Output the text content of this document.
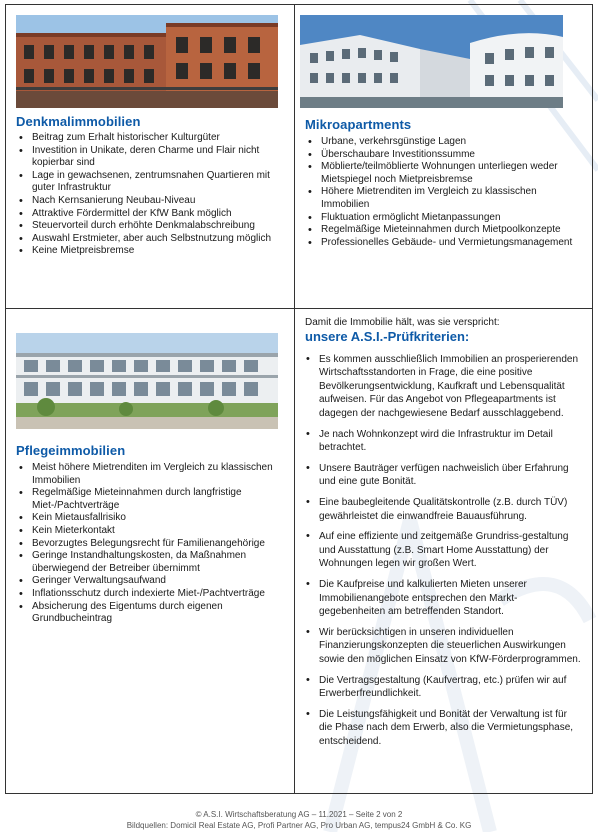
Denkmalimmobilien
• Beitrag zum Erhalt historischer Kulturgüter
• Investition in Unikate, deren Charme und Flair nicht kopierbar sind
• Lage in gewachsenen, zentrumsnahen Quartieren mit guter Infrastruktur
• Nach Kernsanierung Neubau-Niveau
• Attraktive Fördermittel der KfW Bank möglich
• Steuervorteil durch erhöhte Denkmalabschreibung
• Auswahl Erstmieter, aber auch Selbstnutzung möglich
• Keine Mietpreisbremse
Mikroapartments
• Urbane, verkehrsgünstige Lagen
• Überschaubare Investitionssumme
• Möblierte/teilmöblierte Wohnungen unterliegen weder Mietspiegel noch Mietpreisbremse
• Höhere Mietrenditen im Vergleich zu klassischen Immobilien
• Fluktuation ermöglicht Mietanpassungen
• Regelmäßige Mieteinnahmen durch Mietpoolkonzepte
• Professionelles Gebäude- und Vermietungsmanagement
Pflegeimmobilien
• Meist höhere Mietrenditen im Vergleich zu klassischen Immobilien
• Regelmäßige Mieteinnahmen durch langfristige Miet-/Pachtverträge
• Kein Mietausfallrisiko
• Kein Mieterkontakt
• Bevorzugtes Belegungsrecht für Familienangehörige
• Geringe Instandhaltungskosten, da Maßnahmen überwiegend der Betreiber übernimmt
• Geringer Verwaltungsaufwand
• Inflationsschutz durch indexierte Miet-/Pachtverträge
• Absicherung des Eigentums durch eigenen Grundbucheintrag
Damit die Immobilie hält, was sie verspricht:
unsere A.S.I.-Prüfkriterien:
• Es kommen ausschließlich Immobilien an prosperierenden Wirtschaftsstandorten in Frage, die eine positive Bevölkerungsentwicklung, Kaufkraft und Lebensqualität aufweisen. Für das Angebot von Pflegeapartments ist dagegen der nachgewiesene Bedarf ausschlaggebend.
• Je nach Wohnkonzept wird die Infrastruktur im Detail betrachtet.
• Unsere Bauträger verfügen nachweislich über Erfahrung und eine gute Bonität.
• Eine baubegleitende Qualitätskontrolle (z.B. durch TÜV) gewährleistet die einwandfreie Bauausführung.
• Auf eine effiziente und zeitgemäße Grundriss-gestaltung und Ausstattung (z.B. Smart Home Ausstattung) der Wohnungen legen wir großen Wert.
• Die Kaufpreise und kalkulierten Mieten unserer Immobilienangebote entsprechen den Markt-gegebenheiten am betreffenden Standort.
• Wir berücksichtigen in unseren individuellen Finanzierungskonzepten die steuerlichen Auswirkungen sowie den möglichen Einsatz von KfW-Förderprogrammen.
• Die Vertragsgestaltung (Kaufvertrag, etc.) prüfen wir auf Erwerberfreundlichkeit.
• Die Leistungsfähigkeit und Bonität der Verwaltung ist für die Phase nach dem Erwerb, also die Vermietungsphase, entscheidend.
© A.S.I. Wirtschaftsberatung AG – 11.2021 – Seite 2 von 2
Bildquellen: Domicil Real Estate AG, Profi Partner AG, Pro Urban AG, tempus24 GmbH & Co. KG
